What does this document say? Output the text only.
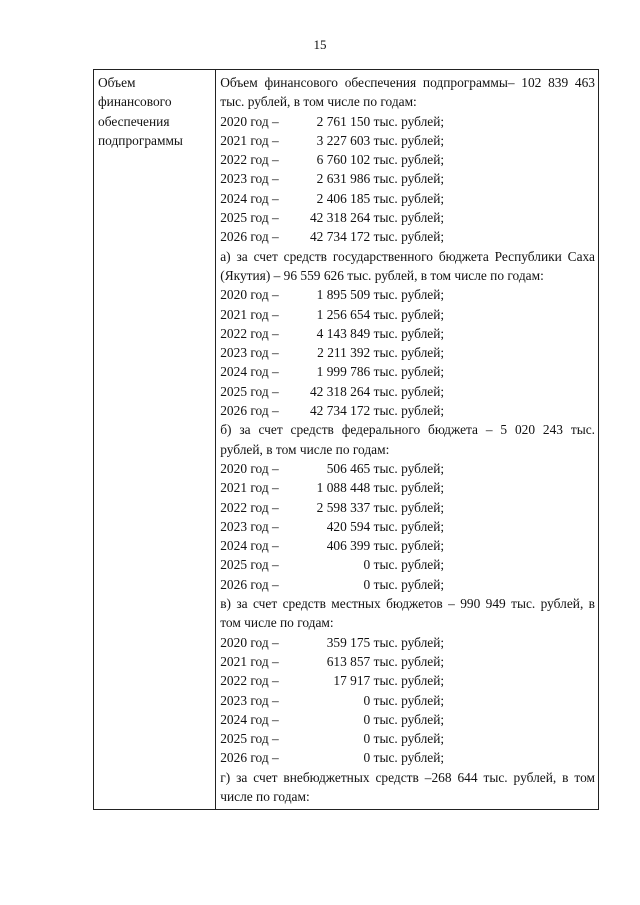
15
Объем
финансового
обеспечения
подпрограммы

Объем финансового обеспечения подпрограммы– 102 839 463 тыс. рублей, в том числе по годам:
2020 год –	2 761 150 тыс. рублей;
2021 год –	3 227 603 тыс. рублей;
2022 год –	6 760 102 тыс. рублей;
2023 год –	2 631 986 тыс. рублей;
2024 год –	2 406 185 тыс. рублей;
2025 год – 42 318 264 тыс. рублей;
2026 год – 42 734 172 тыс. рублей;
а) за счет средств государственного бюджета Республики Саха (Якутия) – 96 559 626 тыс. рублей, в том числе по годам:
2020 год –	1 895 509 тыс. рублей;
2021 год –	1 256 654 тыс. рублей;
2022 год –	4 143 849 тыс. рублей;
2023 год –	2 211 392 тыс. рублей;
2024 год –	1 999 786 тыс. рублей;
2025 год – 42 318 264 тыс. рублей;
2026 год – 42 734 172 тыс. рублей;
б) за счет средств федерального бюджета – 5 020 243 тыс. рублей, в том числе по годам:
2020 год –	506 465 тыс. рублей;
2021 год –	1 088 448 тыс. рублей;
2022 год –	2 598 337 тыс. рублей;
2023 год –	420 594 тыс. рублей;
2024 год –	406 399 тыс. рублей;
2025 год –	0 тыс. рублей;
2026 год –	0 тыс. рублей;
в) за счет средств местных бюджетов – 990 949 тыс. рублей, в том числе по годам:
2020 год –	359 175 тыс. рублей;
2021 год –	613 857 тыс. рублей;
2022 год –	17 917 тыс. рублей;
2023 год –	0 тыс. рублей;
2024 год –	0 тыс. рублей;
2025 год –	0 тыс. рублей;
2026 год –	0 тыс. рублей;
г) за счет внебюджетных средств –268 644 тыс. рублей, в том числе по годам:
